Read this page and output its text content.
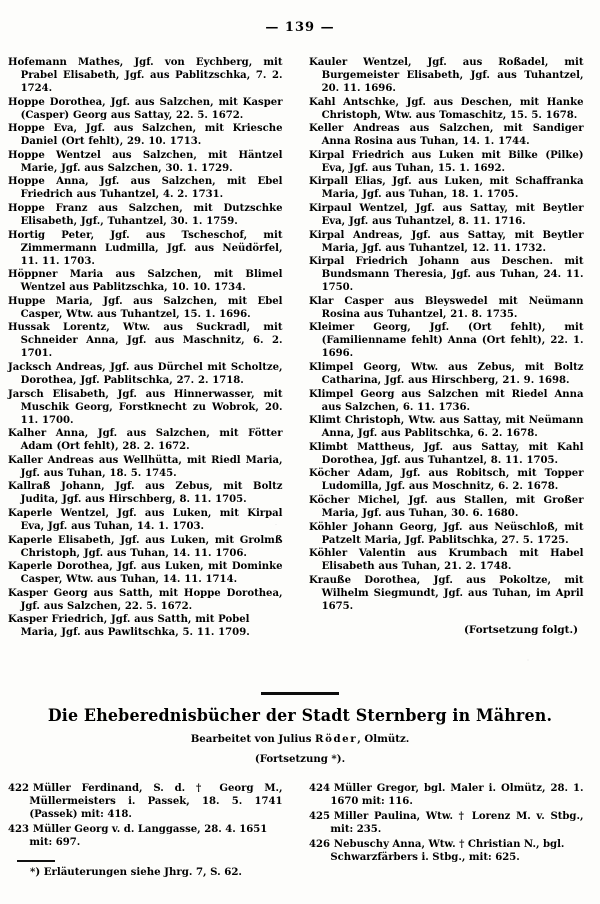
— 139 —

Hofemann Mathes, Jgf. von Eychberg, mit Prabel Elisabeth, Jgf. aus Pablitzschka, 7. 2. 1724.

Hoppe Dorothea, Jgf. aus Salzchen, mit Kasper (Casper) Georg aus Sattay, 22. 5. 1672.

Hoppe Eva, Jgf. aus Salzchen, mit Kriesche Daniel (Ort fehlt), 29. 10. 1713.

Hoppe Wentzel aus Salzchen, mit Häntzel Marie, Jgf. aus Salzchen, 30. 1. 1729.

Hoppe Anna, Jgf. aus Salzchen, mit Ebel Friedrich aus Tuhantzel, 4. 2. 1731.

Hoppe Franz aus Salzchen, mit Dutzschke Elisabeth, Jgf., Tuhantzel, 30. 1. 1759.

Hortig Peter, Jgf. aus Tscheschof, mit Zimmermann Ludmilla, Jgf. aus Neüdörfel, 11. 11. 1703.

Höppner Maria aus Salzchen, mit Blimel Wentzel aus Pablitzschka, 10. 10. 1734.

Huppe Maria, Jgf. aus Salzchen, mit Ebel Casper, Wtw. aus Tuhantzel, 15. 1. 1696.

Hussak Lorentz, Wtw. aus Suckradl, mit Schneider Anna, Jgf. aus Maschnitz, 6. 2. 1701.

Jacksch Andreas, Jgf. aus Dürchel mit Scholtze, Dorothea, Jgf. Pablitschka, 27. 2. 1718.

Jarsch Elisabeth, Jgf. aus Hinnerwasser, mit Muschik Georg, Forstknecht zu Wobrok, 20. 11. 1700.

Kalher Anna, Jgf. aus Salzchen, mit Fötter Adam (Ort fehlt), 28. 2. 1672.

Kaller Andreas aus Wellhütta, mit Riedl Maria, Jgf. aus Tuhan, 18. 5. 1745.

Kallraß Johann, Jgf. aus Zebus, mit Boltz Judita, Jgf. aus Hirschberg, 8. 11. 1705.

Kaperle Wentzel, Jgf. aus Luken, mit Kirpal Eva, Jgf. aus Tuhan, 14. 1. 1703.

Kaperle Elisabeth, Jgf. aus Luken, mit Grolmß Christoph, Jgf. aus Tuhan, 14. 11. 1706.

Kaperle Dorothea, Jgf. aus Luken, mit Dominke Casper, Wtw. aus Tuhan, 14. 11. 1714.

Kasper Georg aus Satth, mit Hoppe Dorothea, Jgf. aus Salzchen, 22. 5. 1672.

Kasper Friedrich, Jgf. aus Satth, mit Pobel Maria, Jgf. aus Pawlitschka, 5. 11. 1709.

Kauler Wentzel, Jgf. aus Roßadel, mit Burgemeister Elisabeth, Jgf. aus Tuhantzel, 20. 11. 1696.

Kahl Antschke, Jgf. aus Deschen, mit Hanke Christoph, Wtw. aus Tomaschitz, 15. 5. 1678.

Keller Andreas aus Salzchen, mit Sandiger Anna Rosina aus Tuhan, 14. 1. 1744.

Kirpal Friedrich aus Luken mit Bilke (Pilke) Eva, Jgf. aus Tuhan, 15. 1. 1692.

Kirpall Elias, Jgf. aus Luken, mit Schaffranka Maria, Jgf. aus Tuhan, 18. 1. 1705.

Kirpaul Wentzel, Jgf. aus Sattay, mit Beytler Eva, Jgf. aus Tuhantzel, 8. 11. 1716.

Kirpal Andreas, Jgf. aus Sattay, mit Beytler Maria, Jgf. aus Tuhantzel, 12. 11. 1732.

Kirpal Friedrich Johann aus Deschen. mit Bundsmann Theresia, Jgf. aus Tuhan, 24. 11. 1750.

Klar Casper aus Bleyswedel mit Neümann Rosina aus Tuhantzel, 21. 8. 1735.

Kleimer Georg, Jgf. (Ort fehlt), mit (Familienname fehlt) Anna (Ort fehlt), 22. 1. 1696.

Klimpel Georg, Wtw. aus Zebus, mit Boltz Catharina, Jgf. aus Hirschberg, 21. 9. 1698.

Klimpel Georg aus Salzchen mit Riedel Anna aus Salzchen, 6. 11. 1736.

Klimt Christoph, Wtw. aus Sattay, mit Neümann Anna, Jgf. aus Pablitschka, 6. 2. 1678.

Klimbt Mattheus, Jgf. aus Sattay, mit Kahl Dorothea, Jgf. aus Tuhantzel, 8. 11. 1705.

Köcher Adam, Jgf. aus Robitsch, mit Topper Ludomilla, Jgf. aus Moschnitz, 6. 2. 1678.

Köcher Michel, Jgf. aus Stallen, mit Großer Maria, Jgf. aus Tuhan, 30. 6. 1680.

Köhler Johann Georg, Jgf. aus Neüschloß, mit Patzelt Maria, Jgf. Pablitschka, 27. 5. 1725.

Köhler Valentin aus Krumbach mit Habel Elisabeth aus Tuhan, 21. 2. 1748.

Krauße Dorothea, Jgf. aus Pokoltze, mit Wilhelm Siegmundt, Jgf. aus Tuhan, im April 1675.

(Fortsetzung folgt.)

Die Eheberednisbücher der Stadt Sternberg in Mähren.
Bearbeitet von Julius Röder, Olmütz.
(Fortsetzung *).

422 Müller Ferdinand, S. d. † Georg M., Müllermeisters i. Passek, 18. 5. 1741 (Passek) mit: 418.

423 Müller Georg v. d. Langgasse, 28. 4. 1651 mit: 697.

424 Müller Gregor, bgl. Maler i. Olmütz, 28. 1. 1670 mit: 116.

425 Miller Paulina, Wtw. † Lorenz M. v. Stbg., mit: 235.

426 Nebuschy Anna, Wtw. † Christian N., bgl. Schwarzfärbers i. Stbg., mit: 625.

*) Erläuterungen siehe Jhrg. 7, S. 62.
